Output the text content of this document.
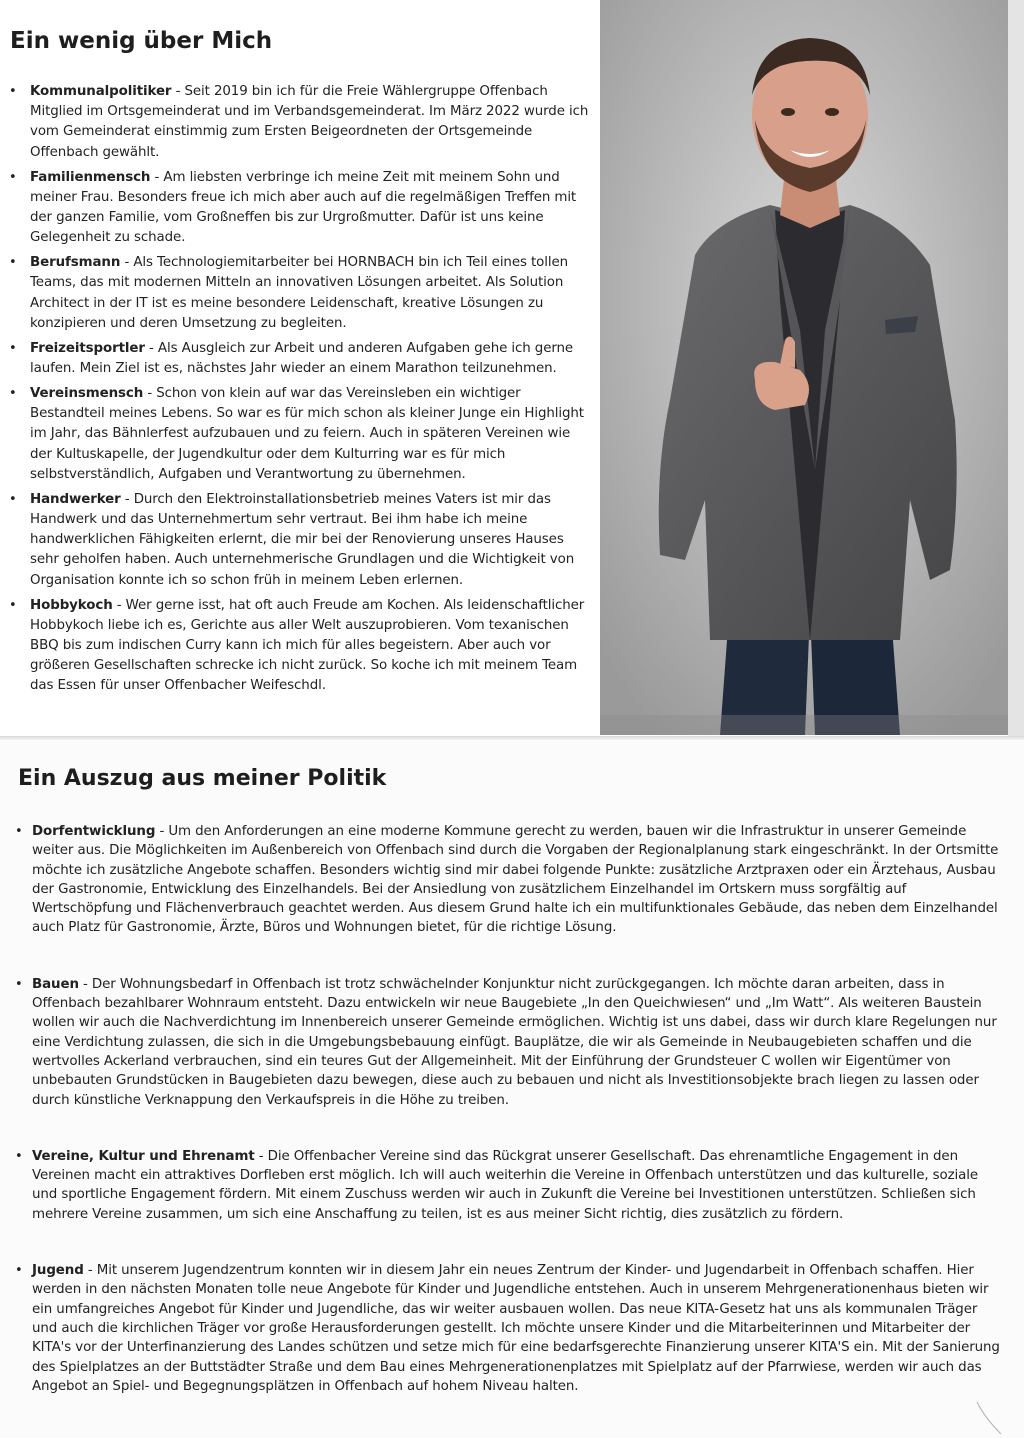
Ein wenig über Mich
• Kommunalpolitiker - Seit 2019 bin ich für die Freie Wählergruppe Offenbach Mitglied im Ortsgemeinderat und im Verbandsgemeinderat. Im März 2022 wurde ich vom Gemeinderat einstimmig zum Ersten Beigeordneten der Ortsgemeinde Offenbach gewählt.
• Familienmensch - Am liebsten verbringe ich meine Zeit mit meinem Sohn und meiner Frau. Besonders freue ich mich aber auch auf die regelmäßigen Treffen mit der ganzen Familie, vom Großneffen bis zur Urgroßmutter. Dafür ist uns keine Gelegenheit zu schade.
• Berufsmann - Als Technologiemitarbeiter bei HORNBACH bin ich Teil eines tollen Teams, das mit modernen Mitteln an innovativen Lösungen arbeitet. Als Solution Architect in der IT ist es meine besondere Leidenschaft, kreative Lösungen zu konzipieren und deren Umsetzung zu begleiten.
• Freizeitsportler - Als Ausgleich zur Arbeit und anderen Aufgaben gehe ich gerne laufen. Mein Ziel ist es, nächstes Jahr wieder an einem Marathon teilzunehmen.
• Vereinsmensch - Schon von klein auf war das Vereinsleben ein wichtiger Bestandteil meines Lebens. So war es für mich schon als kleiner Junge ein Highlight im Jahr, das Bähnlerfest aufzubauen und zu feiern. Auch in späteren Vereinen wie der Kultuskapelle, der Jugendkultur oder dem Kulturring war es für mich selbstverständlich, Aufgaben und Verantwortung zu übernehmen.
• Handwerker - Durch den Elektroinstallationsbetrieb meines Vaters ist mir das Handwerk und das Unternehmertum sehr vertraut. Bei ihm habe ich meine handwerklichen Fähigkeiten erlernt, die mir bei der Renovierung unseres Hauses sehr geholfen haben. Auch unternehmerische Grundlagen und die Wichtigkeit von Organisation konnte ich so schon früh in meinem Leben erlernen.
• Hobbykoch - Wer gerne isst, hat oft auch Freude am Kochen. Als leidenschaftlicher Hobbykoch liebe ich es, Gerichte aus aller Welt auszuprobieren. Vom texanischen BBQ bis zum indischen Curry kann ich mich für alles begeistern. Aber auch vor größeren Gesellschaften schrecke ich nicht zurück. So koche ich mit meinem Team das Essen für unser Offenbacher Weifeschdl.
Ein Auszug aus meiner Politik
• Dorfentwicklung - Um den Anforderungen an eine moderne Kommune gerecht zu werden, bauen wir die Infrastruktur in unserer Gemeinde weiter aus. Die Möglichkeiten im Außenbereich von Offenbach sind durch die Vorgaben der Regionalplanung stark eingeschränkt. In der Ortsmitte möchte ich zusätzliche Angebote schaffen. Besonders wichtig sind mir dabei folgende Punkte: zusätzliche Arztpraxen oder ein Ärztehaus, Ausbau der Gastronomie, Entwicklung des Einzelhandels. Bei der Ansiedlung von zusätzlichem Einzelhandel im Ortskern muss sorgfältig auf Wertschöpfung und Flächenverbrauch geachtet werden. Aus diesem Grund halte ich ein multifunktionales Gebäude, das neben dem Einzelhandel auch Platz für Gastronomie, Ärzte, Büros und Wohnungen bietet, für die richtige Lösung.
• Bauen - Der Wohnungsbedarf in Offenbach ist trotz schwächelnder Konjunktur nicht zurückgegangen. Ich möchte daran arbeiten, dass in Offenbach bezahlbarer Wohnraum entsteht. Dazu entwickeln wir neue Baugebiete „In den Queichwiesen“ und „Im Watt“. Als weiteren Baustein wollen wir auch die Nachverdichtung im Innenbereich unserer Gemeinde ermöglichen. Wichtig ist uns dabei, dass wir durch klare Regelungen nur eine Verdichtung zulassen, die sich in die Umgebungsbebauung einfügt. Bauplätze, die wir als Gemeinde in Neubaugebieten schaffen und die wertvolles Ackerland verbrauchen, sind ein teures Gut der Allgemeinheit. Mit der Einführung der Grundsteuer C wollen wir Eigentümer von unbebauten Grundstücken in Baugebieten dazu bewegen, diese auch zu bebauen und nicht als Investitionsobjekte brach liegen zu lassen oder durch künstliche Verknappung den Verkaufspreis in die Höhe zu treiben.
• Vereine, Kultur und Ehrenamt - Die Offenbacher Vereine sind das Rückgrat unserer Gesellschaft. Das ehrenamtliche Engagement in den Vereinen macht ein attraktives Dorfleben erst möglich. Ich will auch weiterhin die Vereine in Offenbach unterstützen und das kulturelle, soziale und sportliche Engagement fördern. Mit einem Zuschuss werden wir auch in Zukunft die Vereine bei Investitionen unterstützen. Schließen sich mehrere Vereine zusammen, um sich eine Anschaffung zu teilen, ist es aus meiner Sicht richtig, dies zusätzlich zu fördern.
• Jugend - Mit unserem Jugendzentrum konnten wir in diesem Jahr ein neues Zentrum der Kinder- und Jugendarbeit in Offenbach schaffen. Hier werden in den nächsten Monaten tolle neue Angebote für Kinder und Jugendliche entstehen. Auch in unserem Mehrgenerationenhaus bieten wir ein umfangreiches Angebot für Kinder und Jugendliche, das wir weiter ausbauen wollen. Das neue KITA-Gesetz hat uns als kommunalen Träger und auch die kirchlichen Träger vor große Herausforderungen gestellt. Ich möchte unsere Kinder und die Mitarbeiterinnen und Mitarbeiter der KITA's vor der Unterfinanzierung des Landes schützen und setze mich für eine bedarfsgerechte Finanzierung unserer KITA'S ein. Mit der Sanierung des Spielplatzes an der Buttstädter Straße und dem Bau eines Mehrgenerationenplatzes mit Spielplatz auf der Pfarrwiese, werden wir auch das Angebot an Spiel- und Begegnungsplätzen in Offenbach auf hohem Niveau halten.
